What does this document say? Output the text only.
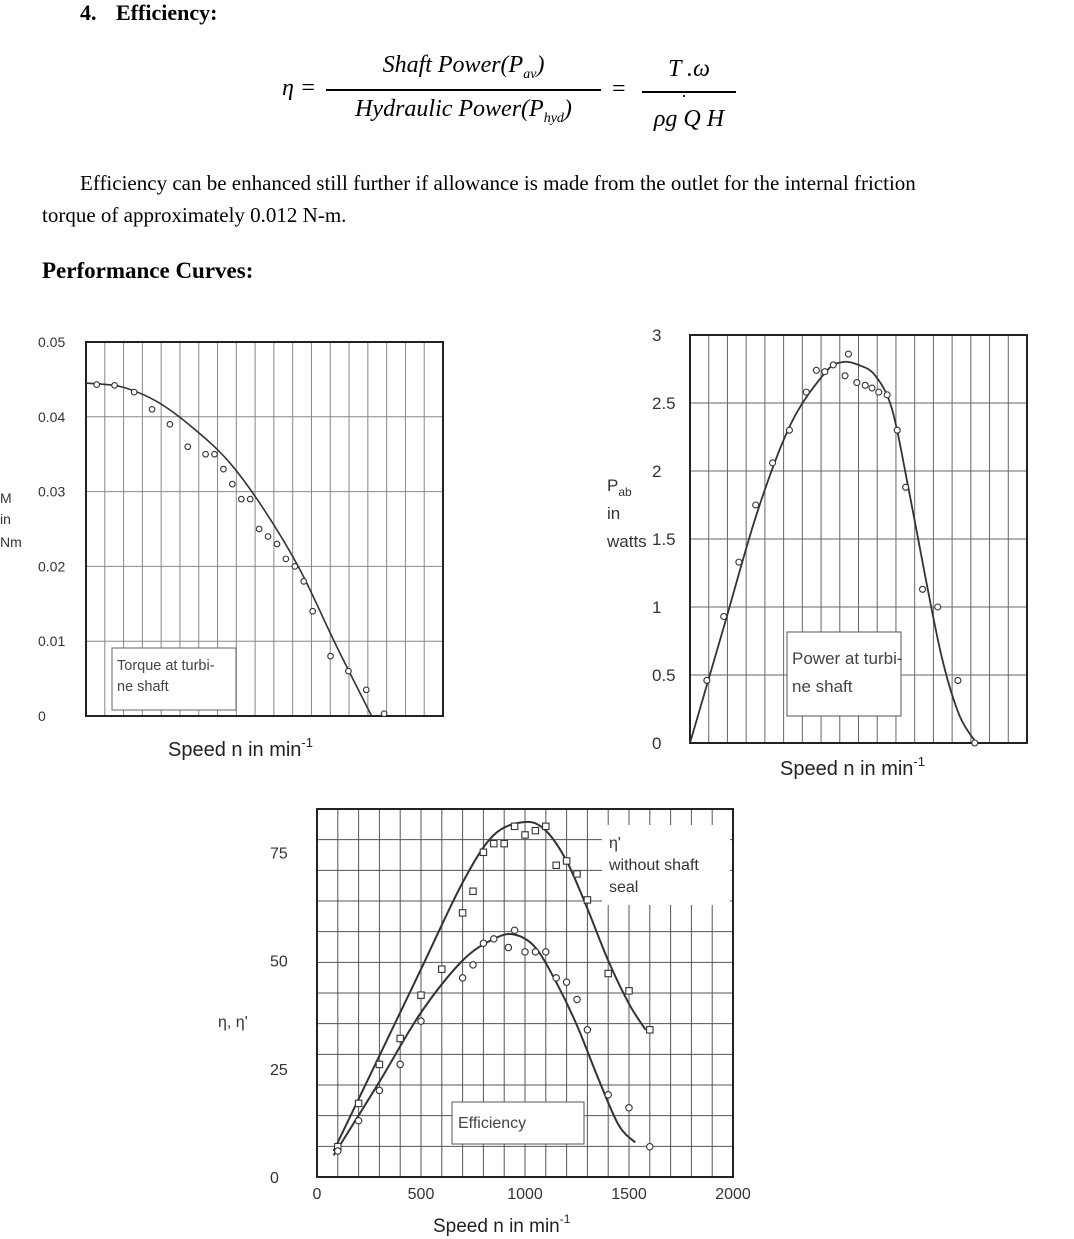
4. Efficiency:
η =
Shaft $Power(P_{av})$
Hydraulic $Power(P_{hyd})$
=
T .ω
·
ρg Q H
Efficiency can be enhanced still further if allowance is made from the outlet for the internal friction
torque of approximately 0.012 N-m.
Performance Curves:
0.05
0.04
0.03
0.02
0.01
0
M
in
Nm
Torque at turbi-
ne shaft
Speed n in $\min^{-1}$
3
2.5
2
1.5
1
0.5
0
$P_{ab}$
in
watts
Power at turbi-
ne shaft
Speed n in $\min^{-1}$
75
50
25
0
0	500	1000	1500	2000
η, η'
η'
without shaft
seal
Efficiency
Speed n in $\min^{-1}$
